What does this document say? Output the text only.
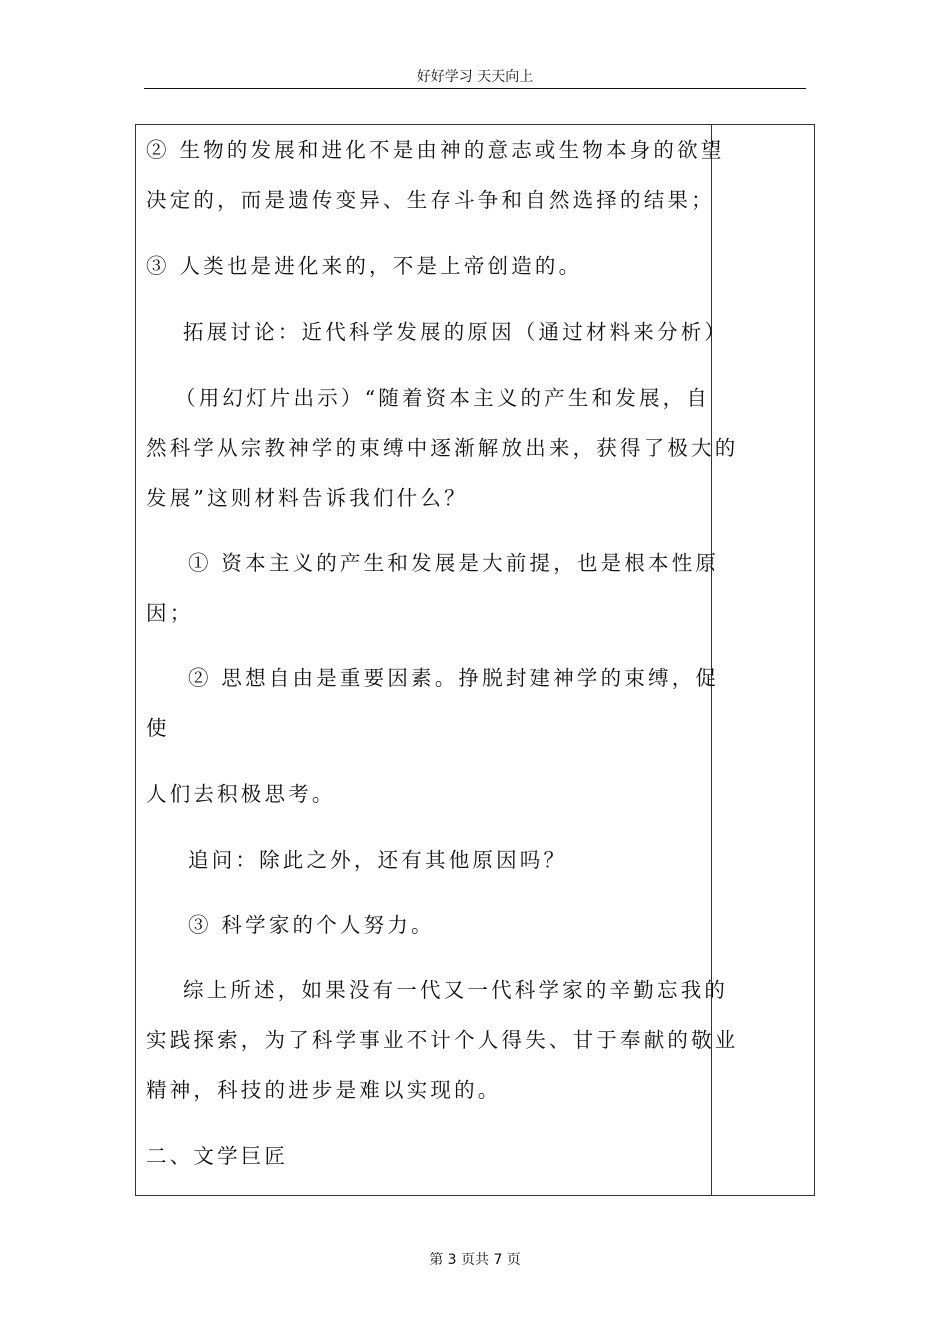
好好学习 天天向上
② 生物的发展和进化不是由神的意志或生物本身的欲望
决定的，而是遗传变异、生存斗争和自然选择的结果；
③ 人类也是进化来的，不是上帝创造的。
拓展讨论：近代科学发展的原因（通过材料来分析）
（用幻灯片出示）“随着资本主义的产生和发展，自
然科学从宗教神学的束缚中逐渐解放出来，获得了极大的
发展”这则材料告诉我们什么？
① 资本主义的产生和发展是大前提，也是根本性原
因；
② 思想自由是重要因素。挣脱封建神学的束缚，促
使
人们去积极思考。
追问：除此之外，还有其他原因吗？
③ 科学家的个人努力。
综上所述，如果没有一代又一代科学家的辛勤忘我的
实践探索，为了科学事业不计个人得失、甘于奉献的敬业
精神，科技的进步是难以实现的。
二、文学巨匠
第 3 页共 7 页
